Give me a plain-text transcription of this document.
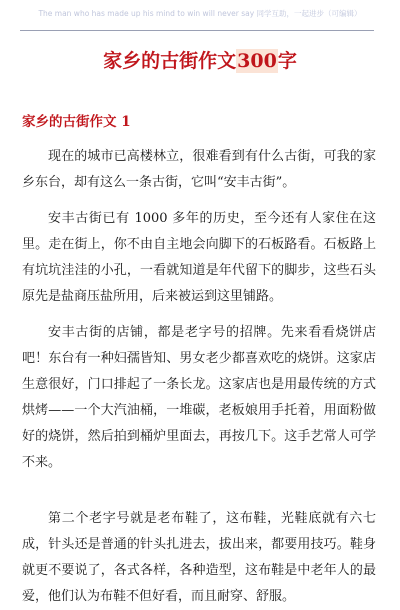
The man who has made up his mind to win will never say 同学互助，一起进步（可编辑）
家乡的古街作文300字
家乡的古街作文 1

现在的城市已高楼林立，很难看到有什么古街，可我的家乡东台，却有这么一条古街，它叫“安丰古街”。

安丰古街已有 1000 多年的历史，至今还有人家住在这里。走在街上，你不由自主地会向脚下的石板路看。石板路上有坑坑洼洼的小孔，一看就知道是年代留下的脚步，这些石头原先是盐商压盐所用，后来被运到这里铺路。

安丰古街的店铺，都是老字号的招牌。先来看看烧饼店吧！东台有一种妇孺皆知、男女老少都喜欢吃的烧饼。这家店生意很好，门口排起了一条长龙。这家店也是用最传统的方式烘烤——一个大汽油桶，一堆碳，老板娘用手托着，用面粉做好的烧饼，然后拍到桶炉里面去，再按几下。这手艺常人可学不来。

第二个老字号就是老布鞋了，这布鞋，光鞋底就有六七成，针头还是普通的针头扎进去，拔出来，都要用技巧。鞋身就更不要说了，各式各样，各种造型，这布鞋是中老年人的最爱，他们认为布鞋不但好看，而且耐穿、舒服。
